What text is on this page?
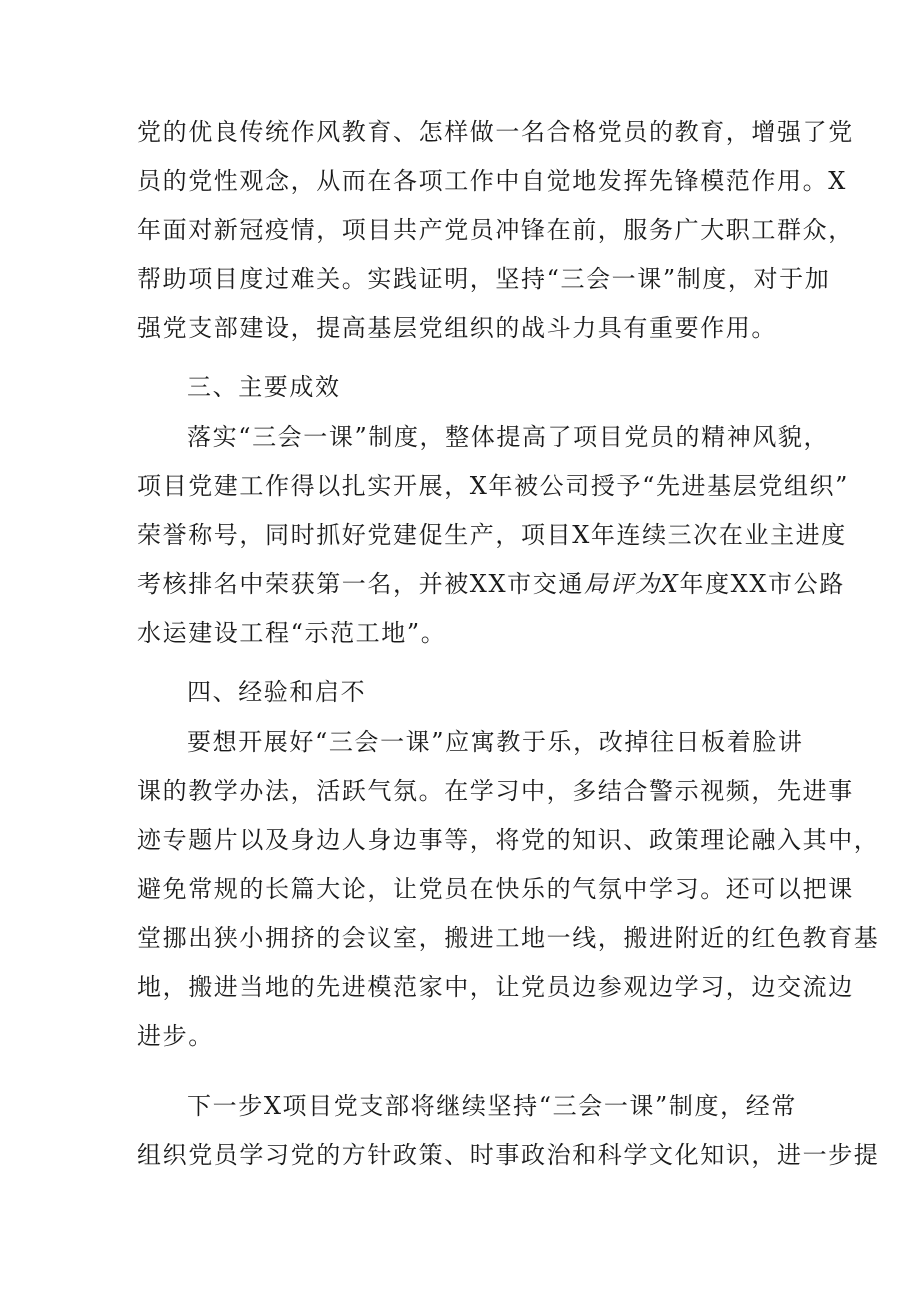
党的优良传统作风教育、怎样做一名合格党员的教育，增强了党
员的党性观念，从而在各项工作中自觉地发挥先锋模范作用。X
年面对新冠疫情，项目共产党员冲锋在前，服务广大职工群众，
帮助项目度过难关。实践证明，坚持“三会一课”制度，对于加
强党支部建设，提高基层党组织的战斗力具有重要作用。
三、主要成效
落实“三会一课”制度，整体提高了项目党员的精神风貌，
项目党建工作得以扎实开展，X年被公司授予“先进基层党组织”
荣誉称号，同时抓好党建促生产，项目X年连续三次在业主进度
考核排名中荣获第一名，并被XX市交通局评为X年度XX市公路
水运建设工程“示范工地”。
四、经验和启不
要想开展好“三会一课”应寓教于乐，改掉往日板着脸讲
课的教学办法，活跃气氛。在学习中，多结合警示视频，先进事
迹专题片以及身边人身边事等，将党的知识、政策理论融入其中，
避免常规的长篇大论，让党员在快乐的气氛中学习。还可以把课
堂挪出狭小拥挤的会议室，搬进工地一线，搬进附近的红色教育基
地，搬进当地的先进模范家中，让党员边参观边学习，边交流边
进步。
下一步X项目党支部将继续坚持“三会一课”制度，经常
组织党员学习党的方针政策、时事政治和科学文化知识，进一步提
